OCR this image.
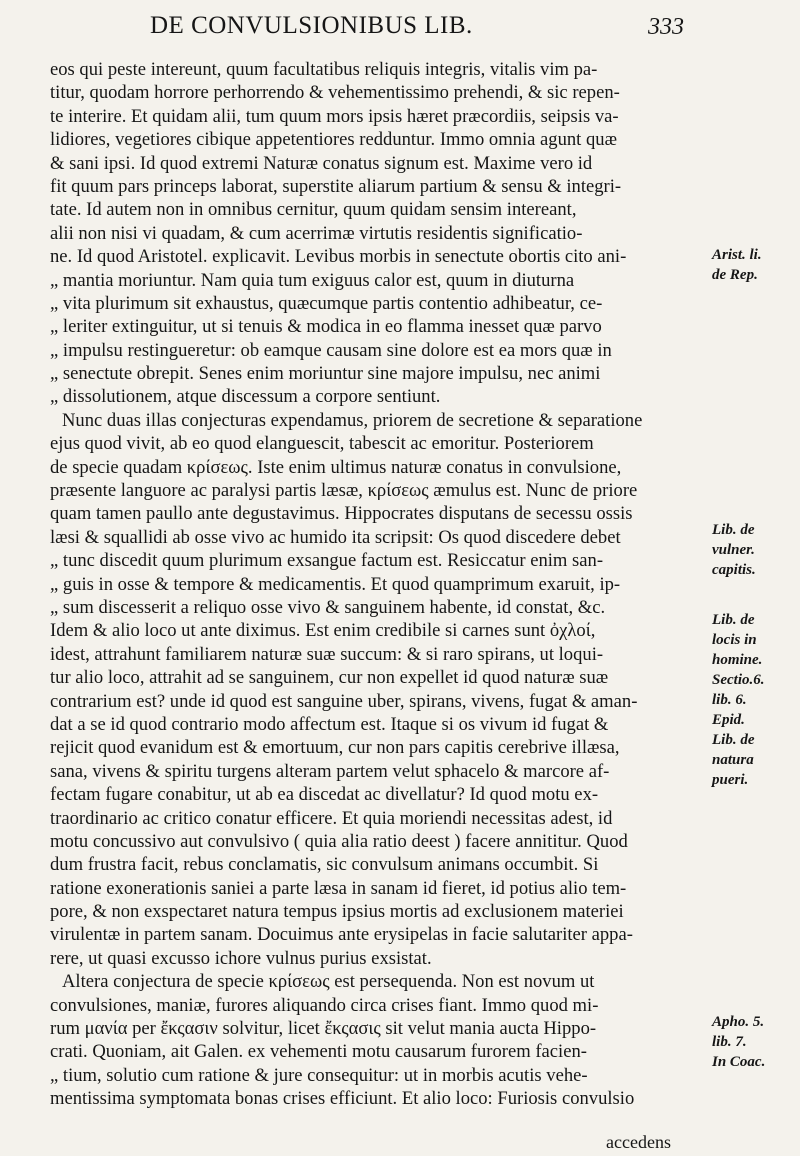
DE CONVULSIONIBUS LIB.	333
eos qui peste intereunt, quum facultatibus reliquis integris, vitalis vim pa-
titur, quodam horrore perhorrendo & vehementissimo prehendi, & sic repen-
te interire. Et quidam alii, tum quum mors ipsis hæret præcordiis, seipsis va-
lidiores, vegetiores cibique appetentiores redduntur. Immo omnia agunt quæ
& sani ipsi. Id quod extremi Naturæ conatus signum est. Maxime vero id
fit quum pars princeps laborat, superstite aliarum partium & sensu & integri-
tate. Id autem non in omnibus cernitur, quum quidam sensim intereant,
alii non nisi vi quadam, & cum acerrimæ virtutis residentis significatio-
ne. Id quod Aristotel. explicavit. Levibus morbis in senectute obortis cito ani-
„ mantia moriuntur. Nam quia tum exiguus calor est, quum in diuturna
„ vita plurimum sit exhaustus, quæcumque partis contentio adhibeatur, ce-
„ leriter extinguitur, ut si tenuis & modica in eo flamma inesset quæ parvo
„ impulsu restingueretur: ob eamque causam sine dolore est ea mors quæ in
„ senectute obrepit. Senes enim moriuntur sine majore impulsu, nec animi
„ dissolutionem, atque discessum a corpore sentiunt.
Nunc duas illas conjecturas expendamus, priorem de secretione & separatione
ejus quod vivit, ab eo quod elanguescit, tabescit ac emoritur. Posteriorem
de specie quadam κρίσεως. Iste enim ultimus naturæ conatus in convulsione,
præsente languore ac paralysi partis læsæ, κρίσεως æmulus est. Nunc de priore
quam tamen paullo ante degustavimus. Hippocrates disputans de secessu ossis
læsi & squallidi ab osse vivo ac humido ita scripsit: Os quod discedere debet
„ tunc discedit quum plurimum exsangue factum est. Resiccatur enim san-
„ guis in osse & tempore & medicamentis. Et quod quamprimum exaruit, ip-
„ sum discesserit a reliquo osse vivo & sanguinem habente, id constat, &c.
Idem & alio loco ut ante diximus. Est enim credibile si carnes sunt ὀχλοί,
idest, attrahunt familiarem naturæ suæ succum: & si raro spirans, ut loqui-
tur alio loco, attrahit ad se sanguinem, cur non expellet id quod naturæ suæ
contrarium est? unde id quod est sanguine uber, spirans, vivens, fugat & aman-
dat a se id quod contrario modo affectum est. Itaque si os vivum id fugat &
rejicit quod evanidum est & emortuum, cur non pars capitis cerebrive illæsa,
sana, vivens & spiritu turgens alteram partem velut sphacelo & marcore af-
fectam fugare conabitur, ut ab ea discedat ac divellatur? Id quod motu ex-
traordinario ac critico conatur efficere. Et quia moriendi necessitas adest, id
motu concussivo aut convulsivo ( quia alia ratio deest ) facere annititur. Quod
dum frustra facit, rebus conclamatis, sic convulsum animans occumbit. Si
ratione exonerationis saniei a parte læsa in sanam id fieret, id potius alio tem-
pore, & non exspectaret natura tempus ipsius mortis ad exclusionem materiei
virulentæ in partem sanam. Docuimus ante erysipelas in facie salutariter appa-
rere, ut quasi excusso ichore vulnus purius exsistat.
Altera conjectura de specie κρίσεως est persequenda. Non est novum ut
convulsiones, maniæ, furores aliquando circa crises fiant. Immo quod mi-
rum μανία per ἔκςασιν solvitur, licet ἔκςασις sit velut mania aucta Hippo-
crati. Quoniam, ait Galen. ex vehementi motu causarum furorem facien-
„ tium, solutio cum ratione & jure consequitur: ut in morbis acutis vehe-
mentissima symptomata bonas crises efficiunt. Et alio loco: Furiosis convulsio
Arist. li.
de Rep.
Lib. de
vulner.
capitis.
Lib. de
locis in
homine.
Sectio.6.
lib. 6.
Epid.
Lib. de
natura
pueri.
Apho. 5.
lib. 7.
In Coac.
accedens
